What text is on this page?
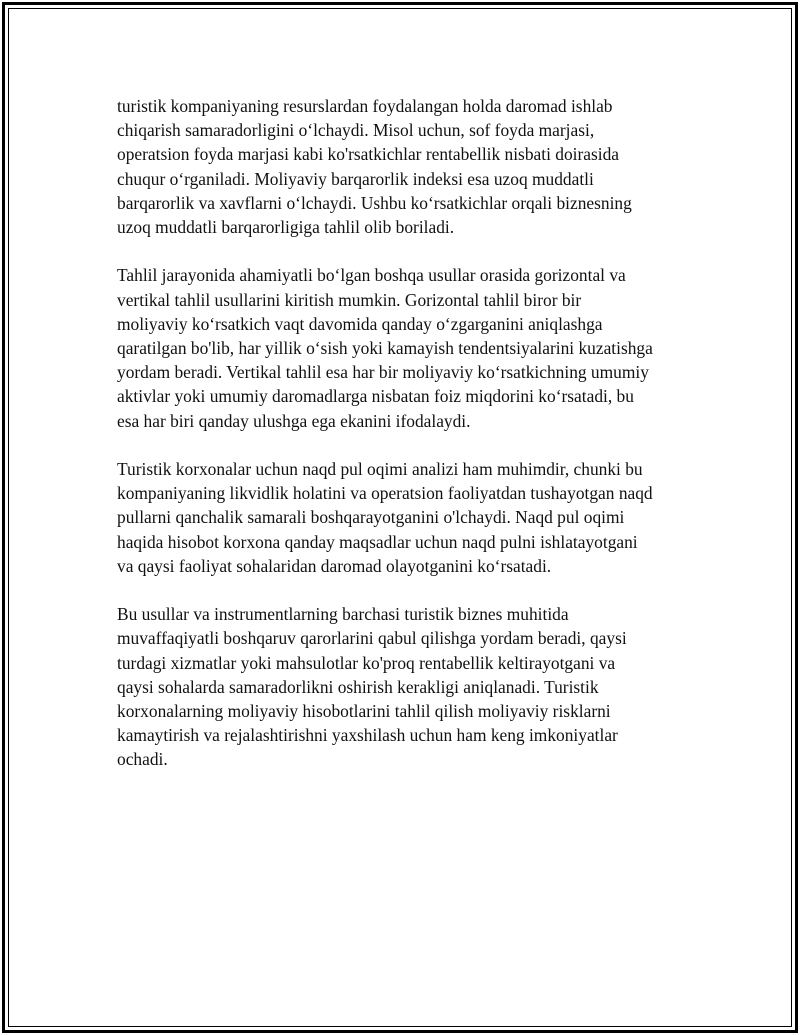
turistik kompaniyaning resurslardan foydalangan holda daromad ishlab
chiqarish samaradorligini o‘lchaydi. Misol uchun, sof foyda marjasi,
operatsion foyda marjasi kabi ko'rsatkichlar rentabellik nisbati doirasida
chuqur o‘rganiladi. Moliyaviy barqarorlik indeksi esa uzoq muddatli
barqarorlik va xavflarni o‘lchaydi. Ushbu ko‘rsatkichlar orqali biznesning
uzoq muddatli barqarorligiga tahlil olib boriladi.

Tahlil jarayonida ahamiyatli bo‘lgan boshqa usullar orasida gorizontal va
vertikal tahlil usullarini kiritish mumkin. Gorizontal tahlil biror bir
moliyaviy ko‘rsatkich vaqt davomida qanday o‘zgarganini aniqlashga
qaratilgan bo'lib, har yillik o‘sish yoki kamayish tendentsiyalarini kuzatishga
yordam beradi. Vertikal tahlil esa har bir moliyaviy ko‘rsatkichning umumiy
aktivlar yoki umumiy daromadlarga nisbatan foiz miqdorini ko‘rsatadi, bu
esa har biri qanday ulushga ega ekanini ifodalaydi.

Turistik korxonalar uchun naqd pul oqimi analizi ham muhimdir, chunki bu
kompaniyaning likvidlik holatini va operatsion faoliyatdan tushayotgan naqd
pullarni qanchalik samarali boshqarayotganini o'lchaydi. Naqd pul oqimi
haqida hisobot korxona qanday maqsadlar uchun naqd pulni ishlatayotgani
va qaysi faoliyat sohalaridan daromad olayotganini ko‘rsatadi.

Bu usullar va instrumentlarning barchasi turistik biznes muhitida
muvaffaqiyatli boshqaruv qarorlarini qabul qilishga yordam beradi, qaysi
turdagi xizmatlar yoki mahsulotlar ko'proq rentabellik keltirayotgani va
qaysi sohalarda samaradorlikni oshirish kerakligi aniqlanadi. Turistik
korxonalarning moliyaviy hisobotlarini tahlil qilish moliyaviy risklarni
kamaytirish va rejalashtirishni yaxshilash uchun ham keng imkoniyatlar
ochadi.
